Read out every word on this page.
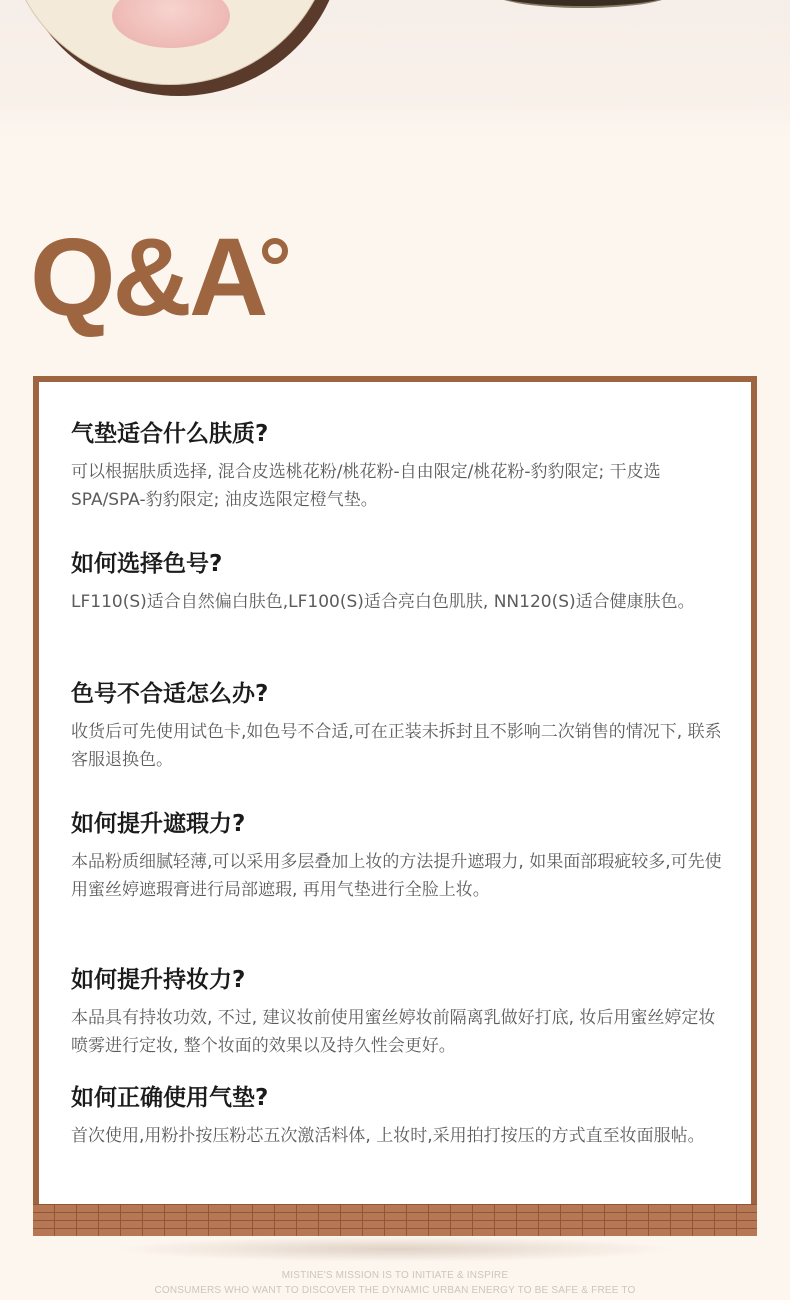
Q&A
气垫适合什么肤质?

可以根据肤质选择, 混合皮选桃花粉/桃花粉-自由限定/桃花粉-豹豹限定; 干皮选SPA/SPA-豹豹限定; 油皮选限定橙气垫。

如何选择色号?

LF110(S)适合自然偏白肤色,LF100(S)适合亮白色肌肤, NN120(S)适合健康肤色。

色号不合适怎么办?

收货后可先使用试色卡,如色号不合适,可在正装未拆封且不影响二次销售的情况下, 联系客服退换色。

如何提升遮瑕力?

本品粉质细腻轻薄,可以采用多层叠加上妆的方法提升遮瑕力, 如果面部瑕疵较多,可先使用蜜丝婷遮瑕膏进行局部遮瑕, 再用气垫进行全脸上妆。

如何提升持妆力?

本品具有持妆功效, 不过, 建议妆前使用蜜丝婷妆前隔离乳做好打底, 妆后用蜜丝婷定妆喷雾进行定妆, 整个妆面的效果以及持久性会更好。

如何正确使用气垫?

首次使用,用粉扑按压粉芯五次激活料体, 上妆时,采用拍打按压的方式直至妆面服帖。

MISTINE'S MISSION IS TO INITIATE & INSPIRE

CONSUMERS WHO WANT TO DISCOVER THE DYNAMIC URBAN ENERGY TO BE SAFE & FREE TO
